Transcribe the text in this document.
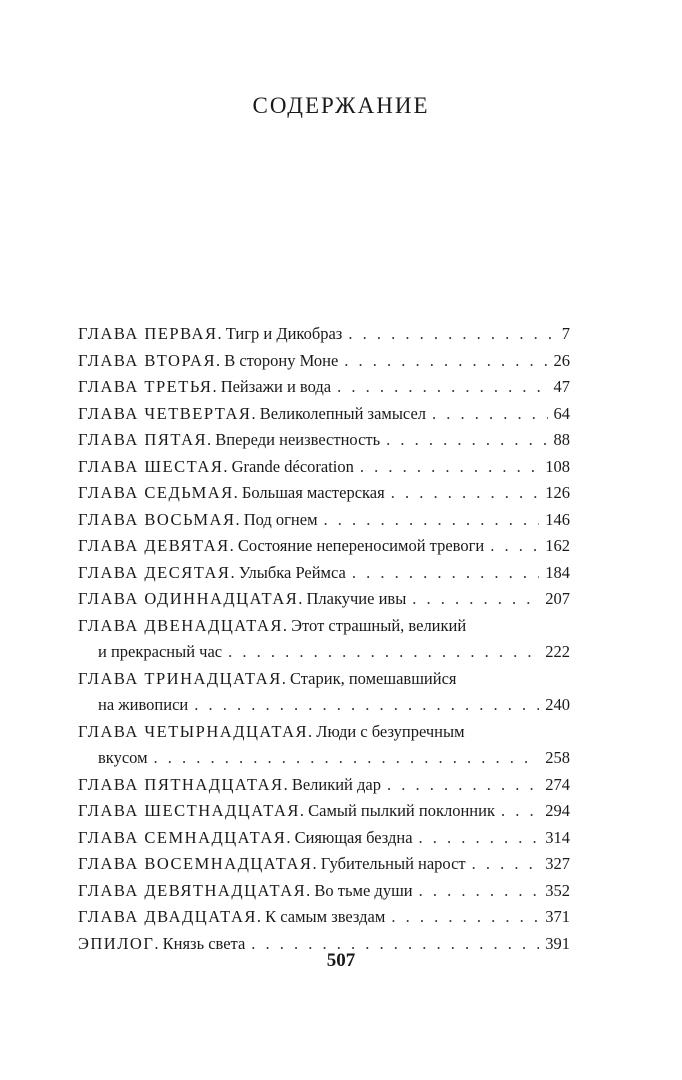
СОДЕРЖАНИЕ
ГЛАВА ПЕРВАЯ. Тигр и Дикобраз . . .	7
ГЛАВА ВТОРАЯ. В сторону Моне . . .	26
ГЛАВА ТРЕТЬЯ. Пейзажи и вода . . .	47
ГЛАВА ЧЕТВЕРТАЯ. Великолепный замысел . . .	64
ГЛАВА ПЯТАЯ. Впереди неизвестность . . .	88
ГЛАВА ШЕСТАЯ. Grande décoration . . .	108
ГЛАВА СЕДЬМАЯ. Большая мастерская . . .	126
ГЛАВА ВОСЬМАЯ. Под огнем . . .	146
ГЛАВА ДЕВЯТАЯ. Состояние непереносимой тревоги . . .	162
ГЛАВА ДЕСЯТАЯ. Улыбка Реймса . . .	184
ГЛАВА ОДИННАДЦАТАЯ. Плакучие ивы . . .	207
ГЛАВА ДВЕНАДЦАТАЯ. Этот страшный, великий
и прекрасный час . . .	222
ГЛАВА ТРИНАДЦАТАЯ. Старик, помешавшийся
на живописи . . .	240
ГЛАВА ЧЕТЫРНАДЦАТАЯ. Люди с безупречным
вкусом . . .	258
ГЛАВА ПЯТНАДЦАТАЯ. Великий дар . . .	274
ГЛАВА ШЕСТНАДЦАТАЯ. Самый пылкий поклонник . . .	294
ГЛАВА СЕМНАДЦАТАЯ. Сияющая бездна . . .	314
ГЛАВА ВОСЕМНАДЦАТАЯ. Губительный нарост . . .	327
ГЛАВА ДЕВЯТНАДЦАТАЯ. Во тьме души . . .	352
ГЛАВА ДВАДЦАТАЯ. К самым звездам . . .	371
ЭПИЛОГ. Князь света . . .	391
507
